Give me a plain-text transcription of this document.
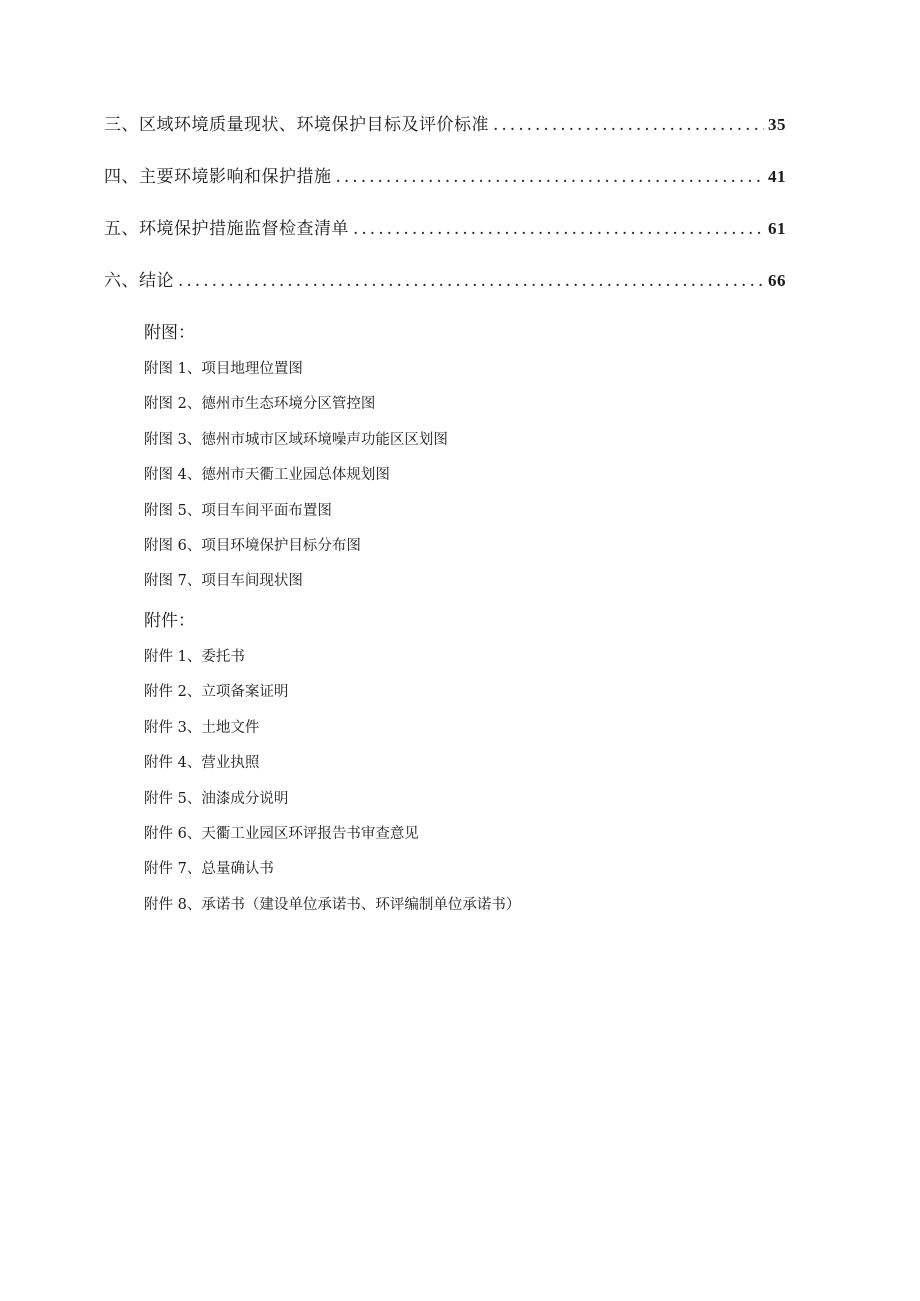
三、区域环境质量现状、环境保护目标及评价标准 .....	35
四、主要环境影响和保护措施 .....	41
五、环境保护措施监督检查清单 .....	61
六、结论 .....	66
附图：
附图 1、项目地理位置图
附图 2、德州市生态环境分区管控图
附图 3、德州市城市区域环境噪声功能区区划图
附图 4、德州市天衢工业园总体规划图
附图 5、项目车间平面布置图
附图 6、项目环境保护目标分布图
附图 7、项目车间现状图
附件：
附件 1、委托书
附件 2、立项备案证明
附件 3、土地文件
附件 4、营业执照
附件 5、油漆成分说明
附件 6、天衢工业园区环评报告书审查意见
附件 7、总量确认书
附件 8、承诺书（建设单位承诺书、环评编制单位承诺书）
